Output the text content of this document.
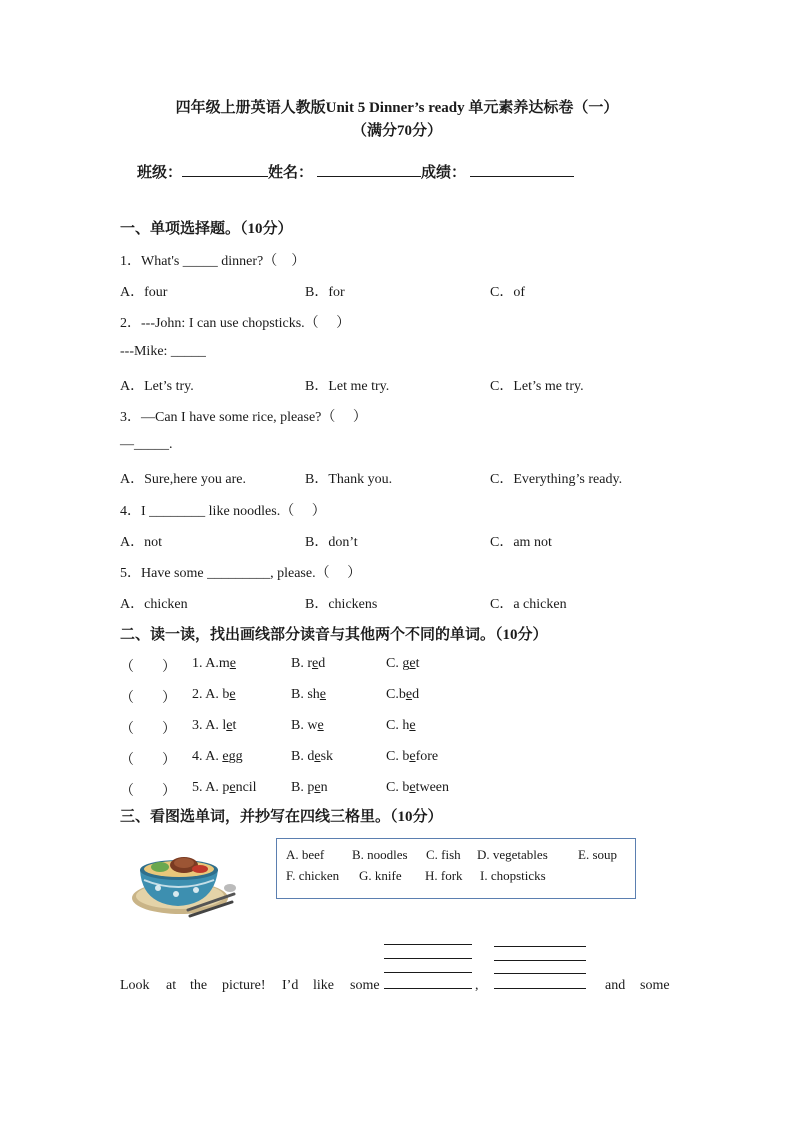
四年级上册英语人教版Unit 5 Dinner’s ready 单元素养达标卷（一）
（满分70分）
班级：	姓名：	成绩：
一、单项选择题。（10分）
1．What's _____ dinner?（　）
A．four	B．for	C．of
2．---John: I can use chopsticks.（　 ）
---Mike: _____
A．Let’s try.	B．Let me try.	C．Let’s me try.
3．—Can I have some rice, please?（　 ）
—_____.
A．Sure,here you are.	B．Thank you.	C．Everything’s ready.
4．I ________ like noodles.（　 ）
A．not	B．don’t	C．am not
5．Have some _________, please.（　 ）
A．chicken	B．chickens	C．a chicken
二、读一读，找出画线部分读音与其他两个不同的单词。（10分）
（　　） 1. A.me	B. red	C. get
（　　） 2. A. be	B. she	C.bed
（　　） 3. A. let	B. we	C. he
（　　） 4. A. egg	B. desk	C. before
（　　） 5. A. pencil B. pen	C. between
三、看图选单词，并抄写在四线三格里。（10分）
A. beef B. noodles C. fish D. vegetables E. soup
F. chicken G. knife H. fork I. chopsticks
Look at the picture! I’d like some	,	and some
